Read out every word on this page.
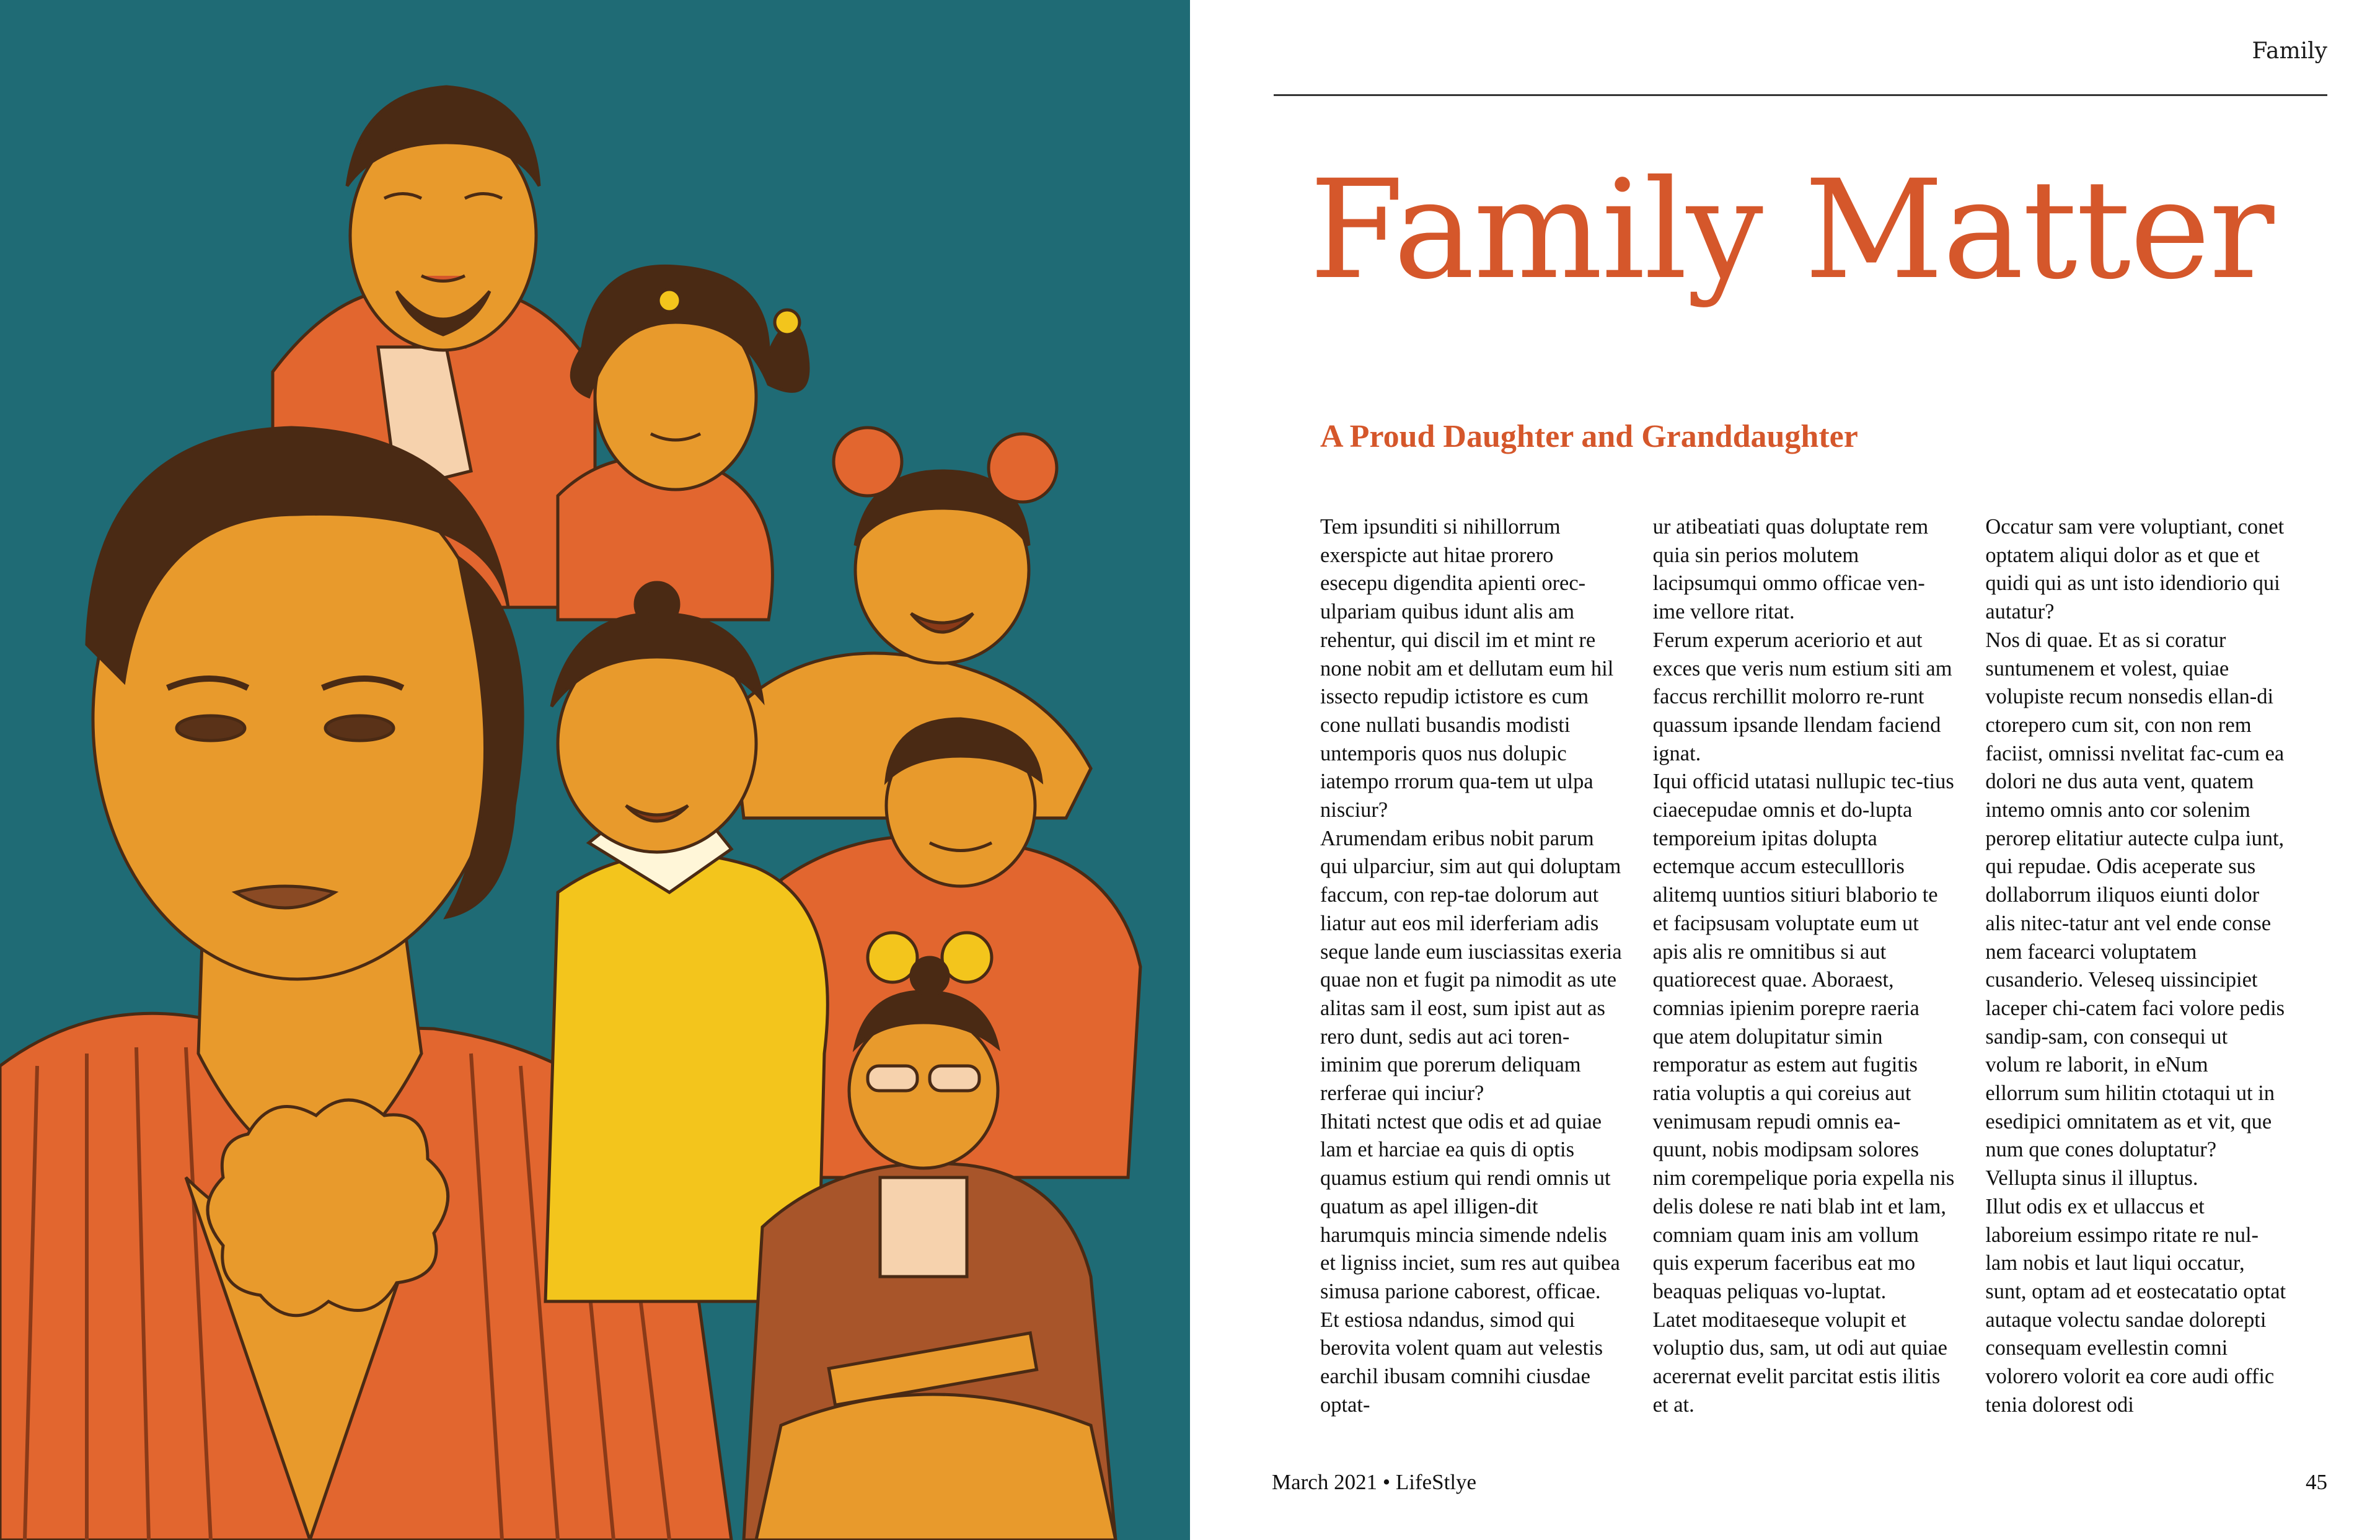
Family
Family Matter
A Proud Daughter and Granddaughter

Tem ipsunditi si nihillorrum exerspicte aut hitae prorero esecepu digendita apienti orec-ulpariam quibus idunt alis am rehentur, qui discil im et mint re none nobit am et dellutam eum hil issecto repudip ictistore es cum cone nullati busandis modisti untemporis quos nus dolupic iatempo rrorum qua-tem ut ulpa nisciur?

Arumendam eribus nobit parum qui ulparciur, sim aut qui doluptam faccum, con rep-tae dolorum aut liatur aut eos mil iderferiam adis seque lande eum iusciassitas exeria quae non et fugit pa nimodit as ute alitas sam il eost, sum ipist aut as rero dunt, sedis aut aci toren-iminim que porerum deliquam rerferae qui inciur?

Ihitati nctest que odis et ad quiae lam et harciae ea quis di optis quamus estium qui rendi omnis ut quatum as apel illigen-dit harumquis mincia simende ndelis et ligniss inciet, sum res aut quibea simusa parione caborest, officae. Et estiosa ndandus, simod qui berovita volent quam aut velestis earchil ibusam comnihi ciusdae optat-

ur atibeatiati quas doluptate rem quia sin perios molutem lacipsumqui ommo officae ven-ime vellore ritat.

Ferum experum aceriorio et aut exces que veris num estium siti am faccus rerchillit molorro re-runt quassum ipsande llendam faciend ignat.

Iqui officid utatasi nullupic tec-tius ciaecepudae omnis et do-lupta temporeium ipitas dolupta ectemque accum estecullloris alitemq uuntios sitiuri blaborio te et facipsusam voluptate eum ut apis alis re omnitibus si aut quatiorecest quae. Aboraest, comnias ipienim porepre raeria que atem dolupitatur simin remporatur as estem aut fugitis ratia voluptis a qui coreius aut venimusam repudi omnis ea-quunt, nobis modipsam solores nim corempelique poria expella nis delis dolese re nati blab int et lam, comniam quam inis am vollum quis experum faceribus eat mo beaquas peliquas vo-luptat.

Latet moditaeseque volupit et voluptio dus, sam, ut odi aut quiae acerernat evelit parcitat estis ilitis et at.

Occatur sam vere voluptiant, conet optatem aliqui dolor as et que et quidi qui as unt isto idendiorio qui autatur?

Nos di quae. Et as si coratur suntumenem et volest, quiae volupiste recum nonsedis ellan-di ctorepero cum sit, con non rem faciist, omnissi nvelitat fac-cum ea dolori ne dus auta vent, quatem intemo omnis anto cor solenim perorep elitatiur autecte culpa iunt, qui repudae. Odis aceperate sus dollaborrum iliquos eiunti dolor alis nitec-tatur ant vel ende conse nem facearci voluptatem cusanderio. Veleseq uissincipiet laceper chi-catem faci volore pedis sandip-sam, con consequi ut volum re laborit, in eNum ellorrum sum hilitin ctotaqui ut in esedipici omnitatem as et vit, que num que cones doluptatur?

Vellupta sinus il illuptus.

Illut odis ex et ullaccus et laboreium essimpo ritate re nul-lam nobis et laut liqui occatur, sunt, optam ad et eostecatatio optat autaque volectu sandae dolorepti consequam evellestin comni volorero volorit ea core audi offic tenia dolorest odi

March 2021 • LifeStlye	45
